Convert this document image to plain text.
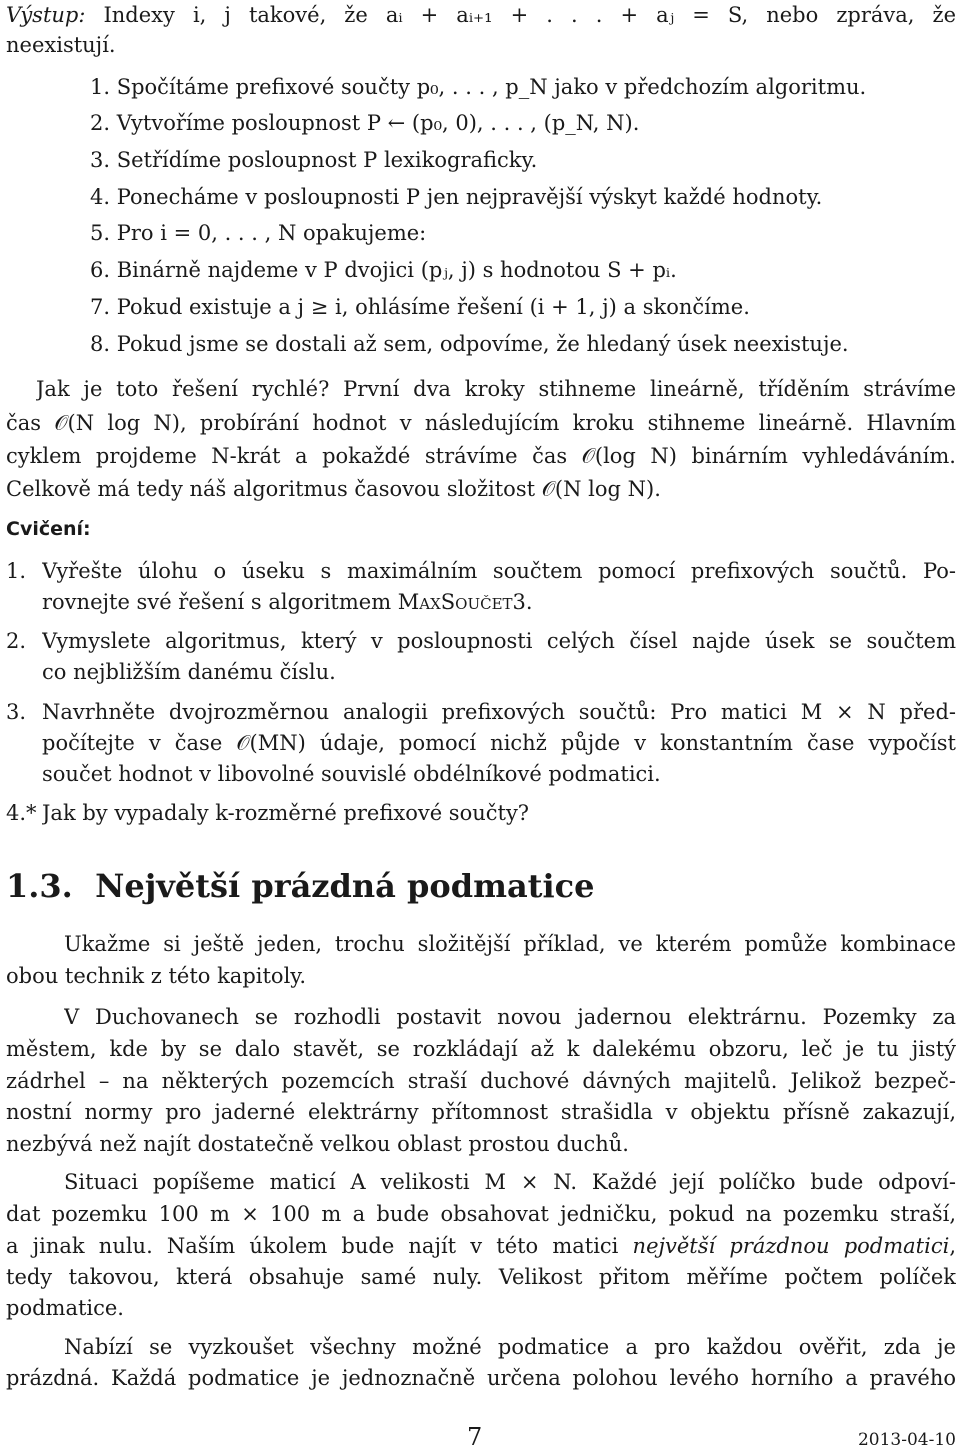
Výstup: Indexy i, j takové, že aᵢ + aᵢ₊₁ + . . . + aⱼ = S, nebo zpráva, že
neexistují.
1. Spočítáme prefixové součty p₀, . . . , p_N jako v předchozím algoritmu.
2. Vytvoříme posloupnost P ← (p₀, 0), . . . , (p_N, N).
3. Setřídíme posloupnost P lexikograficky.
4. Ponecháme v posloupnosti P jen nejpravější výskyt každé hodnoty.
5. Pro i = 0, . . . , N opakujeme:
6. Binárně najdeme v P dvojici (pⱼ, j) s hodnotou S + pᵢ.
7. Pokud existuje a j ≥ i, ohlásíme řešení (i + 1, j) a skončíme.
8. Pokud jsme se dostali až sem, odpovíme, že hledaný úsek neexistuje.
Jak je toto řešení rychlé? První dva kroky stihneme lineárně, tříděním strávíme
čas 𝒪(N log N), probírání hodnot v následujícím kroku stihneme lineárně. Hlavním
cyklem projdeme N-krát a pokaždé strávíme čas 𝒪(log N) binárním vyhledáváním.
Celkově má tedy náš algoritmus časovou složitost 𝒪(N log N).
Cvičení:
1. Vyřešte úlohu o úseku s maximálním součtem pomocí prefixových součtů. Po-
rovnejte své řešení s algoritmem MaxSoučet3.
2. Vymyslete algoritmus, který v posloupnosti celých čísel najde úsek se součtem
co nejbližším danému číslu.
3. Navrhněte dvojrozměrnou analogii prefixových součtů: Pro matici M × N před-
počítejte v čase 𝒪(MN) údaje, pomocí nichž půjde v konstantním čase vypočíst
součet hodnot v libovolné souvislé obdélníkové podmatici.
4.* Jak by vypadaly k-rozměrné prefixové součty?
1.3. Největší prázdná podmatice
Ukažme si ještě jeden, trochu složitější příklad, ve kterém pomůže kombinace
obou technik z této kapitoly.
V Duchovanech se rozhodli postavit novou jadernou elektrárnu. Pozemky za
městem, kde by se dalo stavět, se rozkládají až k dalekému obzoru, leč je tu jistý
zádrhel – na některých pozemcích straší duchové dávných majitelů. Jelikož bezpeč-
nostní normy pro jaderné elektrárny přítomnost strašidla v objektu přísně zakazují,
nezbývá než najít dostatečně velkou oblast prostou duchů.
Situaci popíšeme maticí A velikosti M × N. Každé její políčko bude odpoví-
dat pozemku 100 m × 100 m a bude obsahovat jedničku, pokud na pozemku straší,
a jinak nulu. Naším úkolem bude najít v této matici největší prázdnou podmatici,
tedy takovou, která obsahuje samé nuly. Velikost přitom měříme počtem políček
podmatice.
Nabízí se vyzkoušet všechny možné podmatice a pro každou ověřit, zda je
prázdná. Každá podmatice je jednoznačně určena polohou levého horního a pravého
7	2013-04-10
